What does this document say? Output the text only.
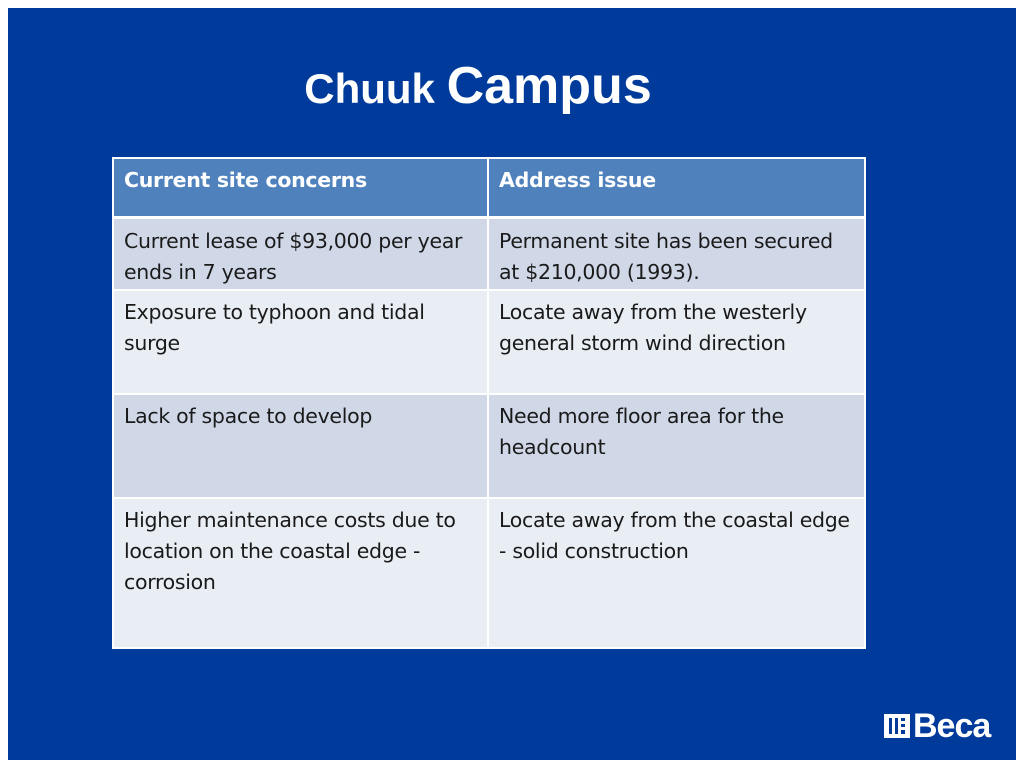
Chuuk Campus
Current site concerns	Address issue
Current lease of $93,000 per year ends in 7 years	Permanent site has been secured at $210,000 (1993).
Exposure to typhoon and tidal surge	Locate away from the westerly general storm wind direction
Lack of space to develop	Need more floor area for the headcount
Higher maintenance costs due to location on the coastal edge - corrosion	Locate away from the coastal edge - solid construction
Beca
